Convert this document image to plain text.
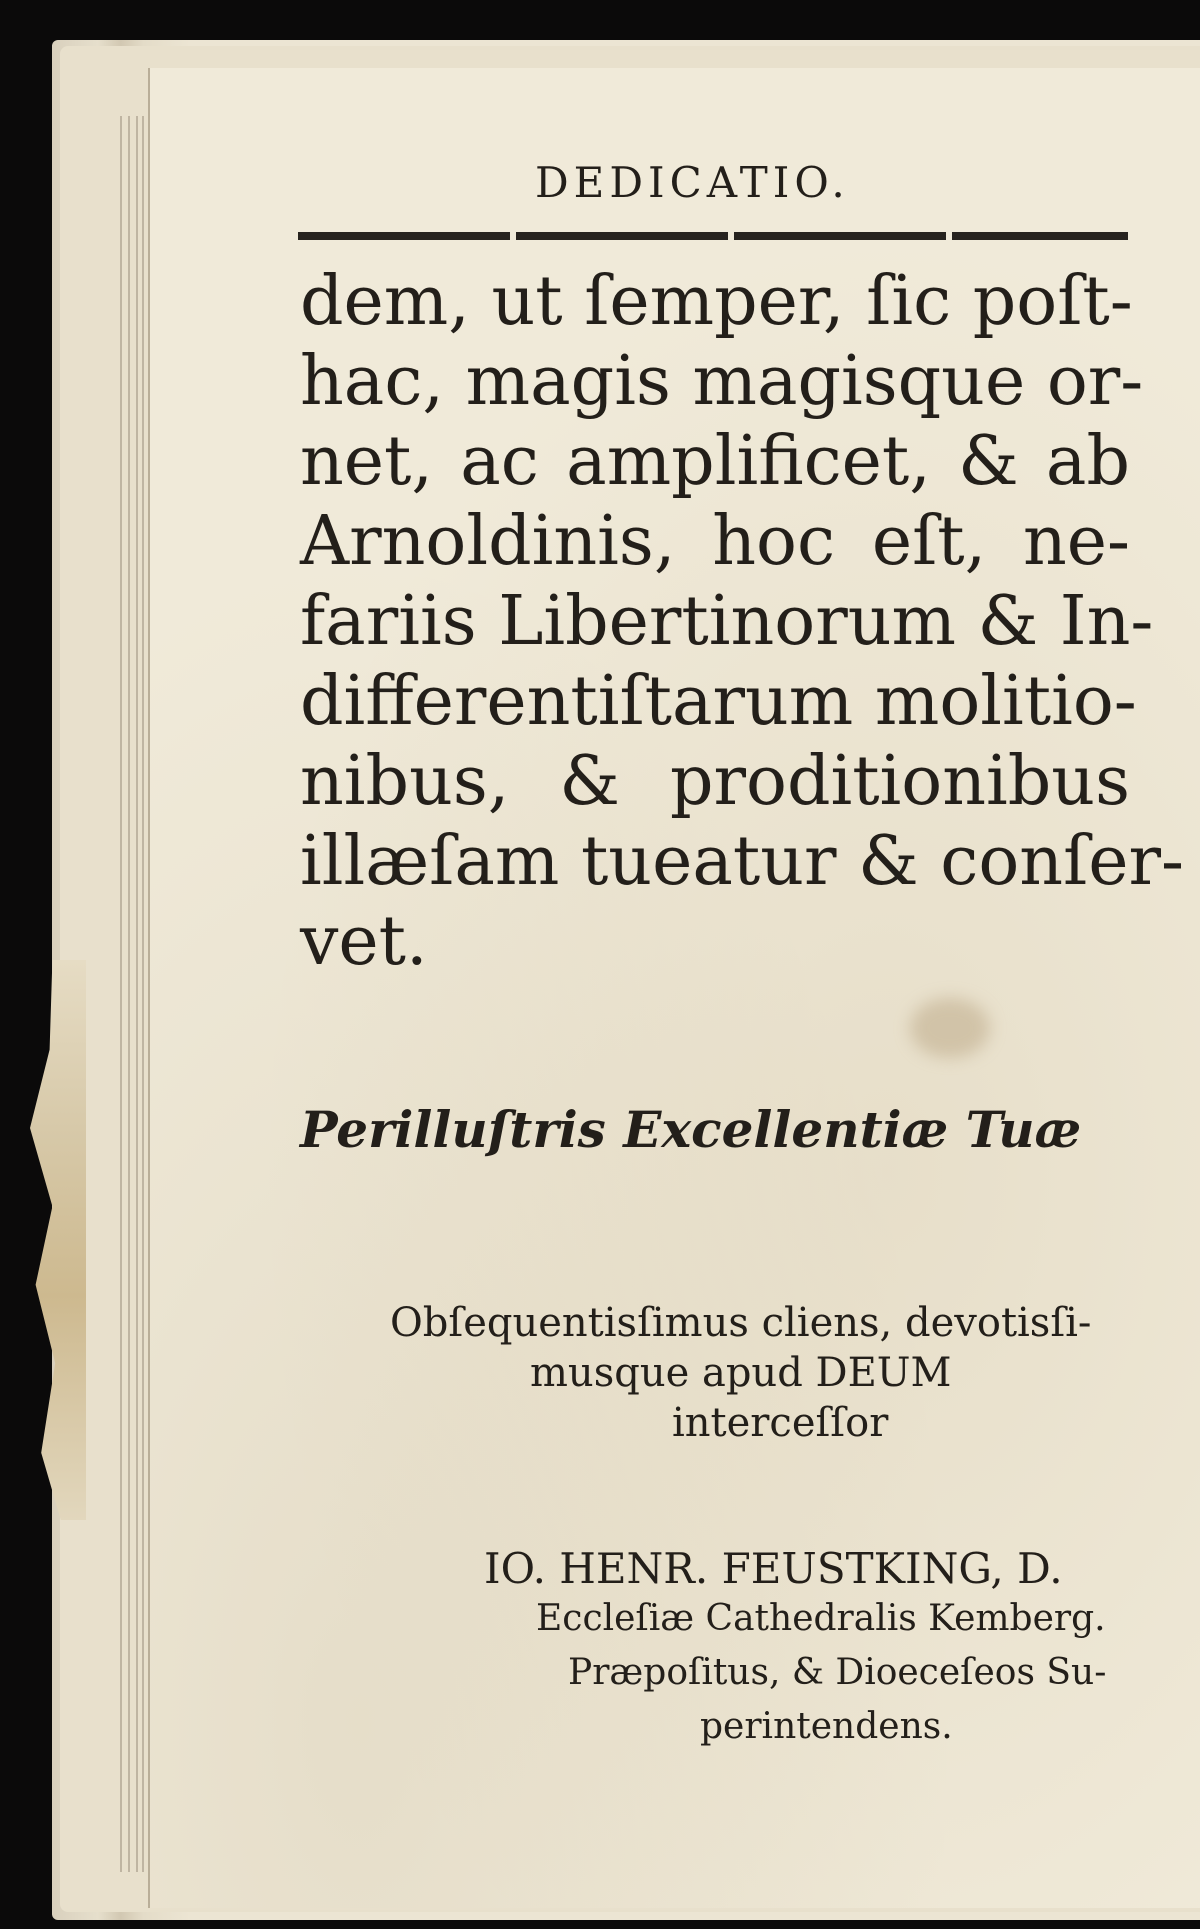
DEDICATIO.
dem, ut ſemper, ſic poſt-
hac, magis magisque or-
net, ac amplificet, & ab
Arnoldinis, hoc eſt, ne-
fariis Libertinorum & In-
differentiſtarum molitio-
nibus, & proditionibus
illæſam tueatur & conſer-
vet.
Perilluſtris Excellentiæ Tuæ
Obſequentisſimus cliens, devotisſi-
musque apud DEUM
interceſſor
IO. HENR. FEUSTKING, D.
Eccleſiæ Cathedralis Kemberg.
Præpoſitus, & Dioeceſeos Su-
perintendens.
